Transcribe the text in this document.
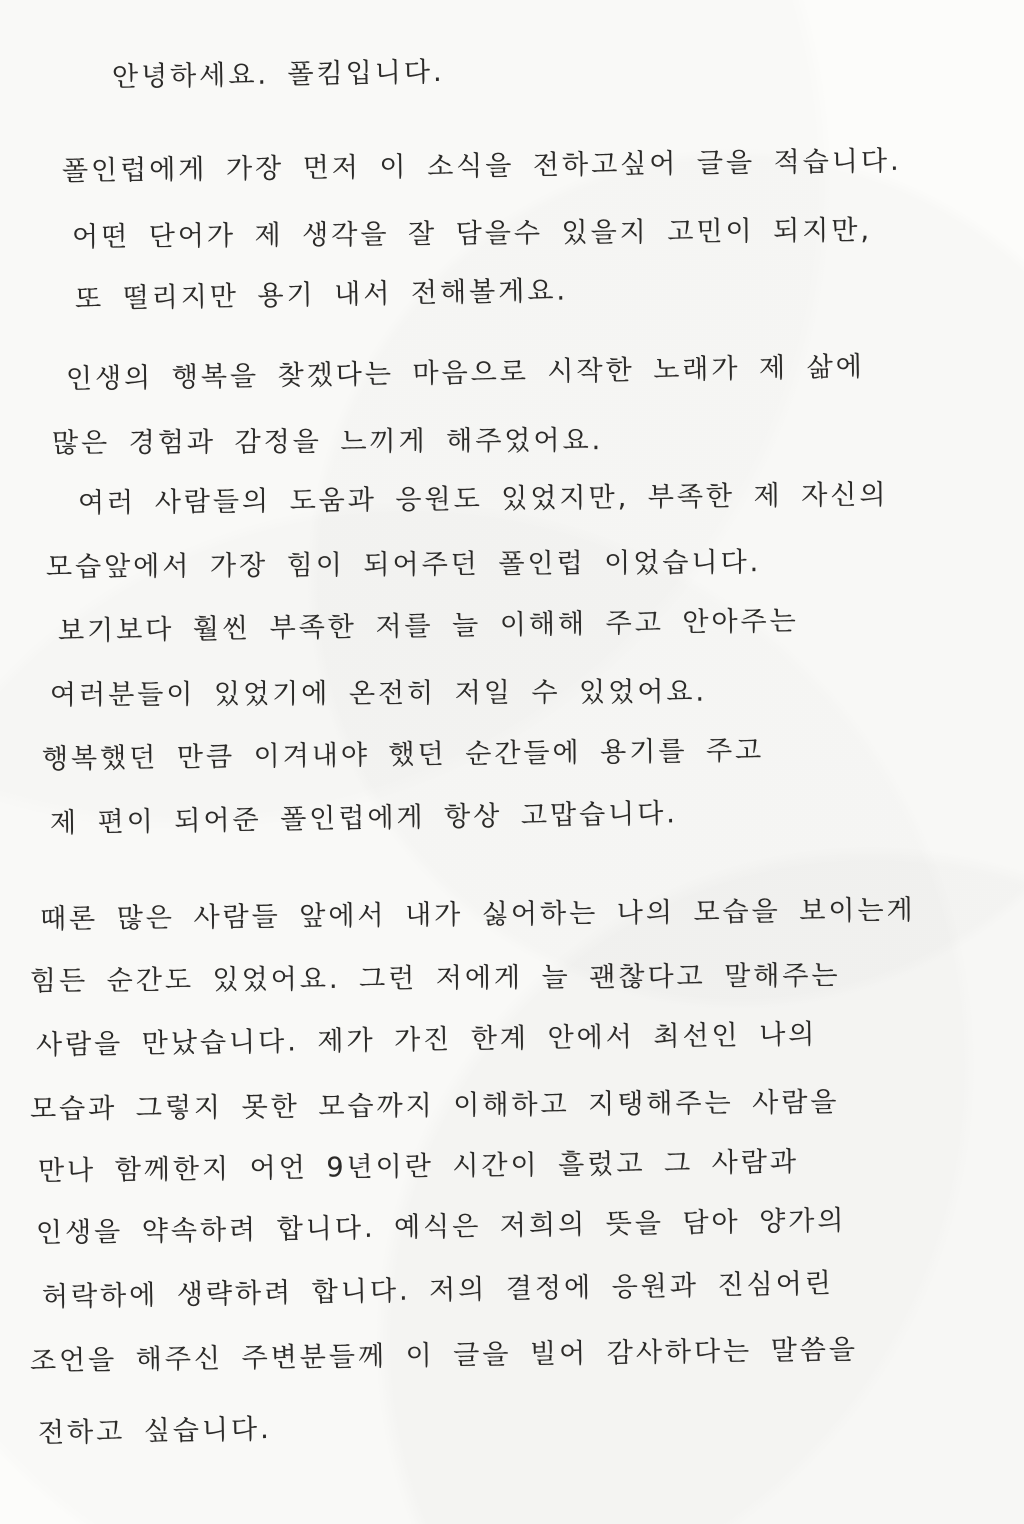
안녕하세요. 폴킴입니다.
폴인럽에게 가장 먼저 이 소식을 전하고싶어 글을 적습니다.
어떤 단어가 제 생각을 잘 담을수 있을지 고민이 되지만,
또 떨리지만 용기 내서 전해볼게요.
인생의 행복을 찾겠다는 마음으로 시작한 노래가 제 삶에
많은 경험과 감정을 느끼게 해주었어요.
여러 사람들의 도움과 응원도 있었지만, 부족한 제 자신의
모습앞에서 가장 힘이 되어주던 폴인럽 이었습니다.
보기보다 훨씬 부족한 저를 늘 이해해 주고 안아주는
여러분들이 있었기에 온전히 저일 수 있었어요.
행복했던 만큼 이겨내야 했던 순간들에 용기를 주고
제 편이 되어준 폴인럽에게 항상 고맙습니다.
때론 많은 사람들 앞에서 내가 싫어하는 나의 모습을 보이는게
힘든 순간도 있었어요. 그런 저에게 늘 괜찮다고 말해주는
사람을 만났습니다. 제가 가진 한계 안에서 최선인 나의
모습과 그렇지 못한 모습까지 이해하고 지탱해주는 사람을
만나 함께한지 어언 9년이란 시간이 흘렀고 그 사람과
인생을 약속하려 합니다. 예식은 저희의 뜻을 담아 양가의
허락하에 생략하려 합니다. 저의 결정에 응원과 진심어린
조언을 해주신 주변분들께 이 글을 빌어 감사하다는 말씀을
전하고 싶습니다.
